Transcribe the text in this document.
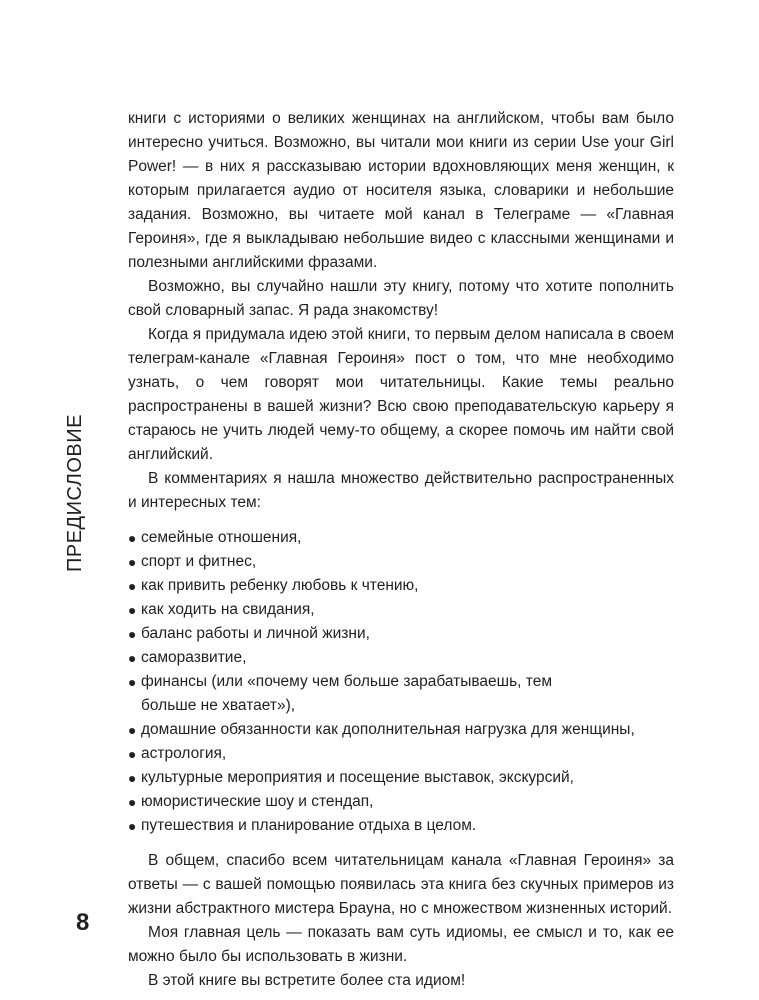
ПРЕДИСЛОВИЕ

книги с историями о великих женщинах на английском, чтобы вам было интересно учиться. Возможно, вы читали мои книги из серии Use your Girl Power! — в них я рассказываю истории вдохновляющих меня женщин, к которым прилагается аудио от носителя языка, словарики и небольшие задания. Возможно, вы читаете мой канал в Телеграме — «Главная Героиня», где я выкладываю небольшие видео с классными женщинами и полезными английскими фразами.

Возможно, вы случайно нашли эту книгу, потому что хотите пополнить свой словарный запас. Я рада знакомству!

Когда я придумала идею этой книги, то первым делом написала в своем телеграм-канале «Главная Героиня» пост о том, что мне необходимо узнать, о чем говорят мои читательницы. Какие темы реально распространены в вашей жизни? Всю свою преподавательскую карьеру я стараюсь не учить людей чему-то общему, а скорее помочь им найти свой английский.

В комментариях я нашла множество действительно распространенных и интересных тем:

● семейные отношения,
● спорт и фитнес,
● как привить ребенку любовь к чтению,
● как ходить на свидания,
● баланс работы и личной жизни,
● саморазвитие,
● финансы (или «почему чем больше зарабатываешь, тем больше не хватает»),
● домашние обязанности как дополнительная нагрузка для женщины,
● астрология,
● культурные мероприятия и посещение выставок, экскурсий,
● юмористические шоу и стендап,
● путешествия и планирование отдыха в целом.

В общем, спасибо всем читательницам канала «Главная Героиня» за ответы — с вашей помощью появилась эта книга без скучных примеров из жизни абстрактного мистера Брауна, но с множеством жизненных историй.

Моя главная цель — показать вам суть идиомы, ее смысл и то, как ее можно было бы использовать в жизни.

В этой книге вы встретите более ста идиом!

8
